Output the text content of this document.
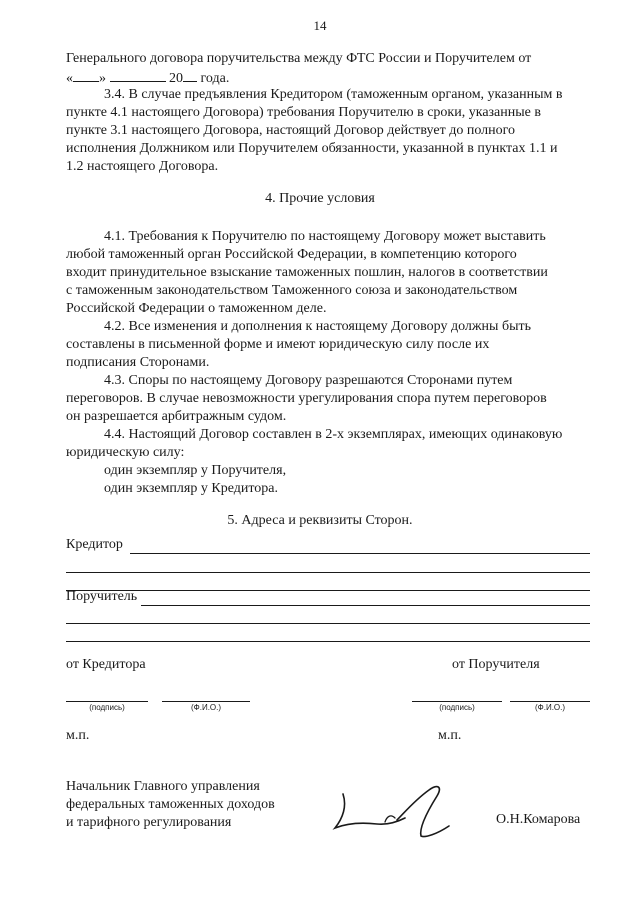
14
Генерального договора поручительства между ФТС России и Поручителем от
« »	20 года.
3.4. В случае предъявления Кредитором (таможенным органом, указанным в
пункте 4.1 настоящего Договора) требования Поручителю в сроки, указанные в
пункте 3.1 настоящего Договора, настоящий Договор действует до полного
исполнения Должником или Поручителем обязанности, указанной в пунктах 1.1 и
1.2 настоящего Договора.
4. Прочие условия
4.1. Требования к Поручителю по настоящему Договору может выставить
любой таможенный орган Российской Федерации, в компетенцию которого
входит принудительное взыскание таможенных пошлин, налогов в соответствии
с таможенным законодательством Таможенного союза и законодательством
Российской Федерации о таможенном деле.
4.2. Все изменения и дополнения к настоящему Договору должны быть
составлены в письменной форме и имеют юридическую силу после их
подписания Сторонами.
4.3. Споры по настоящему Договору разрешаются Сторонами путем
переговоров. В случае невозможности урегулирования спора путем переговоров
он разрешается арбитражным судом.
4.4. Настоящий Договор составлен в 2-х экземплярах, имеющих одинаковую
юридическую силу:
один экземпляр у Поручителя,
один экземпляр у Кредитора.
5. Адреса и реквизиты Сторон.
Кредитор
Поручитель
от Кредитора	от Поручителя
(подпись)	(Ф.И.О.)	(подпись)	(Ф.И.О.)
м.п.	м.п.
Начальник Главного управления
федеральных таможенных доходов
и тарифного регулирования	О.Н.Комарова
